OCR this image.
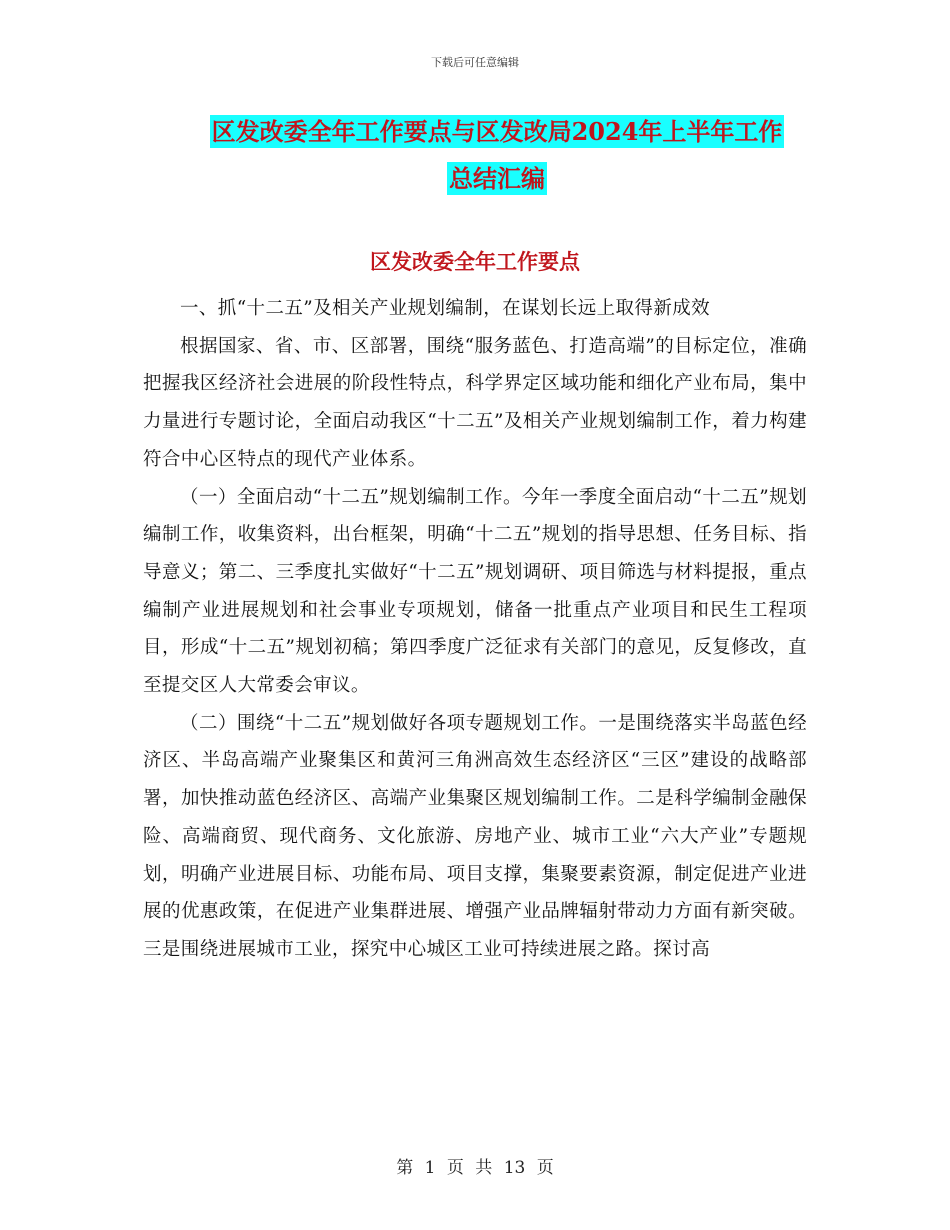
下载后可任意编辑
区发改委全年工作要点与区发改局2024年上半年工作
总结汇编
区发改委全年工作要点

一、抓“十二五”及相关产业规划编制，在谋划长远上取得新成效

根据国家、省、市、区部署，围绕“服务蓝色、打造高端”的目标定位，准确把握我区经济社会进展的阶段性特点，科学界定区域功能和细化产业布局，集中力量进行专题讨论，全面启动我区“十二五”及相关产业规划编制工作，着力构建符合中心区特点的现代产业体系。

（一）全面启动“十二五”规划编制工作。今年一季度全面启动“十二五”规划编制工作，收集资料，出台框架，明确“十二五”规划的指导思想、任务目标、指导意义；第二、三季度扎实做好“十二五”规划调研、项目筛选与材料提报，重点编制产业进展规划和社会事业专项规划，储备一批重点产业项目和民生工程项目，形成“十二五”规划初稿；第四季度广泛征求有关部门的意见，反复修改，直至提交区人大常委会审议。

（二）围绕“十二五”规划做好各项专题规划工作。一是围绕落实半岛蓝色经济区、半岛高端产业聚集区和黄河三角洲高效生态经济区“三区”建设的战略部署，加快推动蓝色经济区、高端产业集聚区规划编制工作。二是科学编制金融保险、高端商贸、现代商务、文化旅游、房地产业、城市工业“六大产业”专题规划，明确产业进展目标、功能布局、项目支撑，集聚要素资源，制定促进产业进展的优惠政策，在促进产业集群进展、增强产业品牌辐射带动力方面有新突破。三是围绕进展城市工业，探究中心城区工业可持续进展之路。探讨高

第 1 页 共 13 页
